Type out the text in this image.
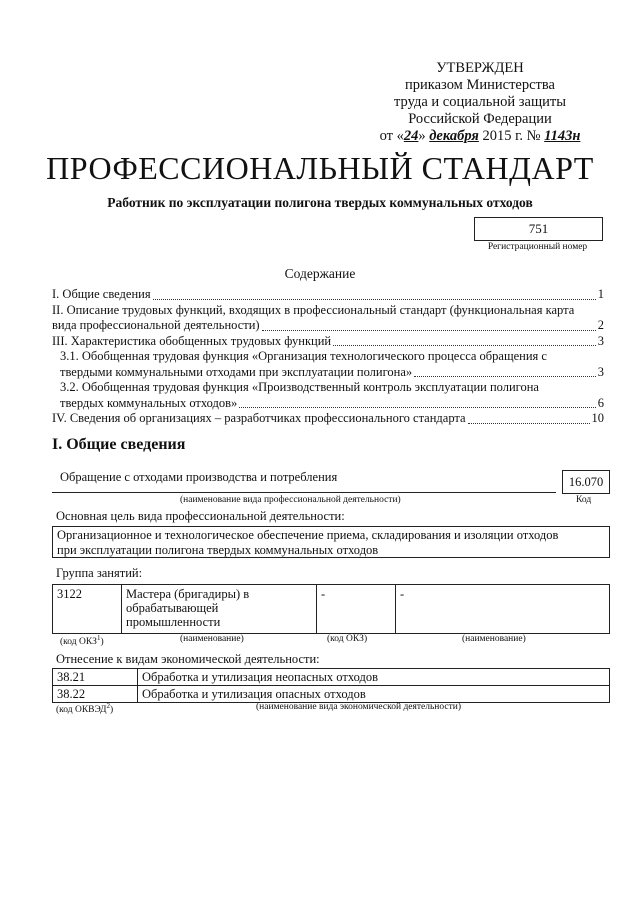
УТВЕРЖДЕН
приказом Министерства
труда и социальной защиты
Российской Федерации
от «24» декабря 2015 г. № 1143н
ПРОФЕССИОНАЛЬНЫЙ СТАНДАРТ
Работник по эксплуатации полигона твердых коммунальных отходов
751
Регистрационный номер
Содержание
I. Общие сведения	1
II. Описание трудовых функций, входящих в профессиональный стандарт (функциональная карта
вида профессиональной деятельности)	2
III. Характеристика обобщенных трудовых функций	3
3.1. Обобщенная трудовая функция «Организация технологического процесса обращения с
твердыми коммунальными отходами при эксплуатации полигона»	3
3.2. Обобщенная трудовая функция «Производственный контроль эксплуатации полигона
твердых коммунальных отходов»	6
IV. Сведения об организациях – разработчиках профессионального стандарта	10
I. Общие сведения
Обращение с отходами производства и потребления	16.070
(наименование вида профессиональной деятельности)	Код
Основная цель вида профессиональной деятельности:
Организационное и технологическое обеспечение приема, складирования и изоляции отходов
при эксплуатации полигона твердых коммунальных отходов
Группа занятий:
3122	Мастера (бригадиры) в
обрабатывающей
промышленности
	-	-
(код ОКЗ$^1$)	(наименование)	(код ОКЗ)	(наименование)
Отнесение к видам экономической деятельности:
38.21	Обработка и утилизация неопасных отходов
38.22	Обработка и утилизация опасных отходов
(код ОКВЭД$^2$)	(наименование вида экономической деятельности)
